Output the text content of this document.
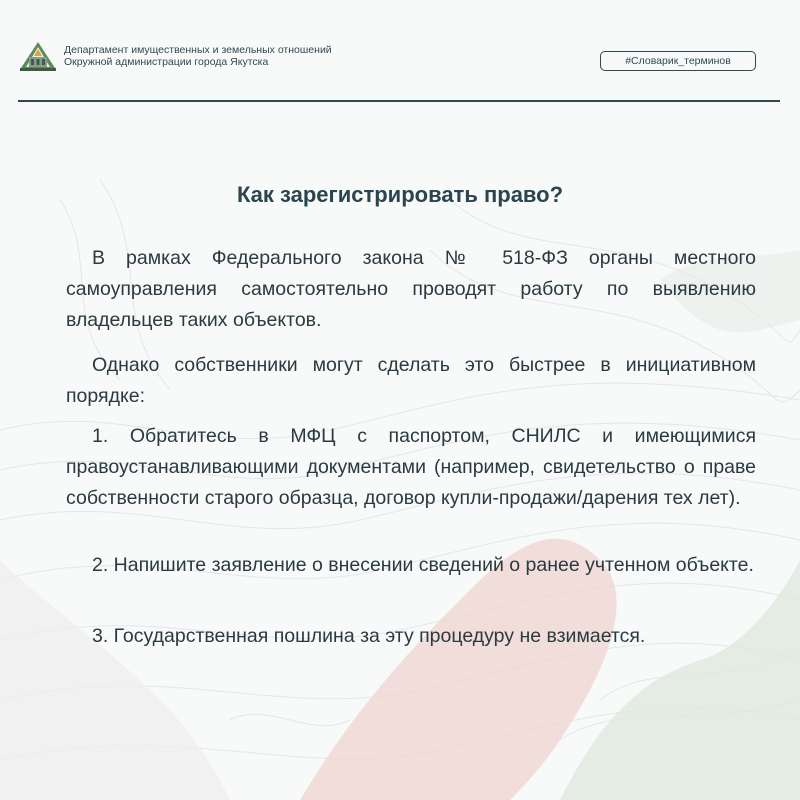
Департамент имущественных и земельных отношений
Окружной администрации города Якутска	#Словарик_терминов
Как зарегистрировать право?
В рамках Федерального закона № 518-ФЗ органы местного самоуправления самостоятельно проводят работу по выявлению владельцев таких объектов.
Однако собственники могут сделать это быстрее в инициативном порядке:
1. Обратитесь в МФЦ с паспортом, СНИЛС и имеющимися правоустанавливающими документами (например, свидетельство о праве собственности старого образца, договор купли-продажи/дарения тех лет).
2. Напишите заявление о внесении сведений о ранее учтенном объекте.
3. Государственная пошлина за эту процедуру не взимается.
